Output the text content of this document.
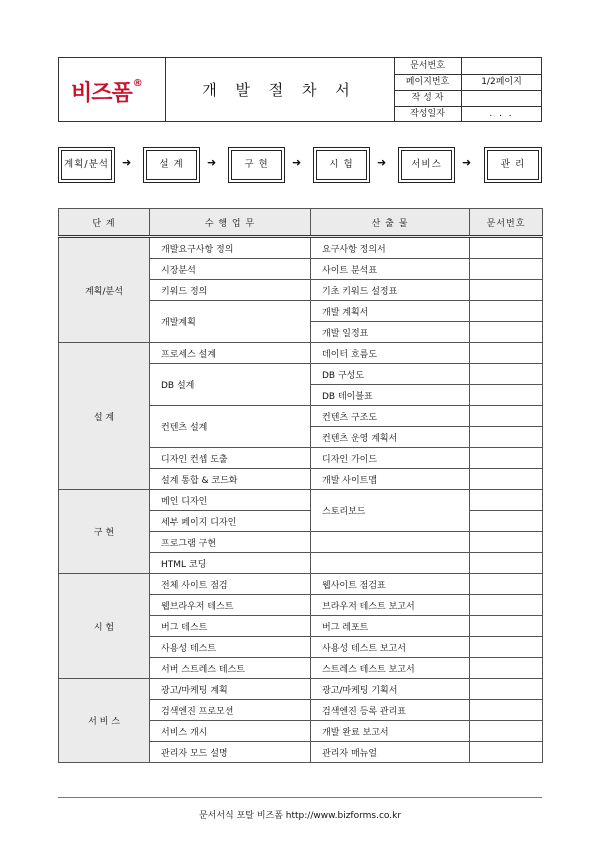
비즈폼®	개 발 절 차 서
문서번호
페이지번호	1/2페이지
작 성 자
작성일자	. . .
계획/분석	➜	설 계	➜	구 현	➜	시 험	➜	서비스	➜	관 리
단 계	수 행 업 무	산 출 물	문서번호
계획/분석	개발요구사항 정의	요구사항 정의서	
	시장분석	사이트 분석표	
	키워드 정의	기초 키워드 설정표	
	개발계획	개발 계획서	
		개발 일정표	
설 계	프로세스 설계	데이터 흐름도	
	DB 설계	DB 구성도	
		DB 테이블표	
	컨텐츠 설계	컨텐츠 구조도	
		컨텐츠 운영 계획서	
	디자인 컨셉 도출	디자인 가이드	
	설계 통합 & 코드화	개발 사이트맵	
구 현	메인 디자인	스토리보드	
	세부 페이지 디자인		
	프로그램 구현		
	HTML 코딩		
시 험	전체 사이트 점검	웹사이트 점검표	
	웹브라우저 테스트	브라우저 테스트 보고서	
	버그 테스트	버그 레포트	
	사용성 테스트	사용성 테스트 보고서	
	서버 스트레스 테스트	스트레스 테스트 보고서	
서 비 스	광고/마케팅 계획	광고/마케팅 기획서	
	검색엔진 프로모션	검색엔진 등록 관리표	
	서비스 개시	개발 완료 보고서	
	관리자 모드 설명	관리자 매뉴얼	
문서서식 포탈 비즈폼 http://www.bizforms.co.kr
